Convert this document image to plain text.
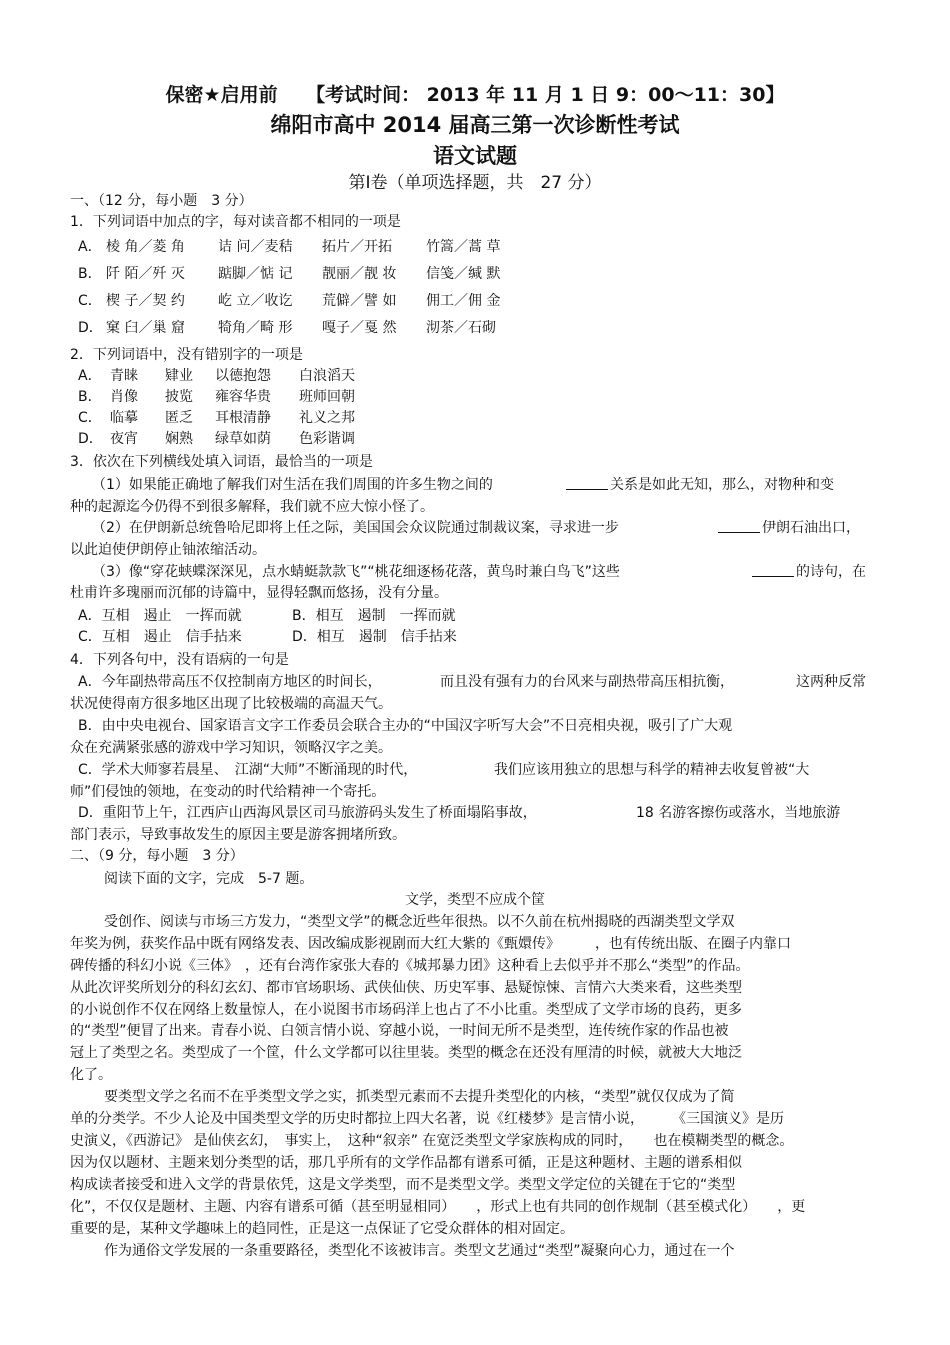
保密★启用前　　【考试时间： 2013 年 11 月 1 日 9：00～11：30】
绵阳市高中 2014 届高三第一次诊断性考试
语文试题
第Ⅰ卷（单项选择题，共　27 分）
一、（12 分，每小题　3 分）
1．下列词语中加点的字，每对读音都不相同的一项是
A． 棱 角／菱 角 诘 问／麦秸 拓片／开拓 竹篙／蒿 草
B． 阡 陌／歼 灭 踮脚／惦 记 靓丽／靓 妆 信笺／缄 默
C． 楔 子／契 约 屹 立／收讫 荒僻／譬 如 佣工／佣 金
D． 窠 臼／巢 窟 犄角／畸 形 嘎子／戛 然 沏茶／石砌
2．下列词语中，没有错别字的一项是
A． 青睐 肄业 以德抱怨 白浪滔天
B． 肖像 披览 雍容华贵 班师回朝
C． 临摹 匿乏 耳根清静 礼义之邦
D． 夜宵 娴熟 绿草如荫 色彩谐调
3．依次在下列横线处填入词语，最恰当的一项是
（1）如果能正确地了解我们对生活在我们周围的许多生物之间的	关系是如此无知，那么，对物种和变
种的起源迄今仍得不到很多解释，我们就不应大惊小怪了。
（2）在伊朗新总统鲁哈尼即将上任之际，美国国会众议院通过制裁议案，寻求进一步	伊朗石油出口，
以此迫使伊朗停止铀浓缩活动。
（3）像“穿花蛱蝶深深见，点水蜻蜓款款飞”“桃花细逐杨花落，黄鸟时兼白鸟飞”这些	的诗句，在
杜甫许多瑰丽而沉郁的诗篇中，显得轻飘而悠扬，没有分量。
A．互相　遏止　一挥而就	B．相互　遏制　一挥而就
C．互相　遏止　信手拈来	D．相互　遏制　信手拈来
4．下列各句中，没有语病的一句是
A．今年副热带高压不仅控制南方地区的时间长，	而且没有强有力的台风来与副热带高压相抗衡，	这两种反常
状况使得南方很多地区出现了比较极端的高温天气。
B．由中央电视台、国家语言文字工作委员会联合主办的“中国汉字听写大会”不日亮相央视，吸引了广大观
众在充满紧张感的游戏中学习知识，领略汉字之美。
C．学术大师寥若晨星、　江湖“大师”不断涌现的时代，	我们应该用独立的思想与科学的精神去收复曾被“大
师”们侵蚀的领地，在变动的时代给精神一个寄托。
D．重阳节上午，江西庐山西海风景区司马旅游码头发生了桥面塌陷事故，	18 名游客擦伤或落水，当地旅游
部门表示，导致事故发生的原因主要是游客拥堵所致。
二、（9 分，每小题　3 分）
阅读下面的文字，完成　5-7 题。
文学，类型不应成个筐
受创作、阅读与市场三方发力，“类型文学”的概念近些年很热。以不久前在杭州揭晓的西湖类型文学双
年奖为例，获奖作品中既有网络发表、因改编成影视剧而大红大紫的《甄嬛传》　　　，也有传统出版、在圈子内靠口
碑传播的科幻小说《三体》　，还有台湾作家张大春的《城邦暴力团》这种看上去似乎并不那么“类型”的作品。
从此次评奖所划分的科幻玄幻、都市官场职场、武侠仙侠、历史军事、悬疑惊悚、言情六大类来看，这些类型
的小说创作不仅在网络上数量惊人，在小说图书市场码洋上也占了不小比重。类型成了文学市场的良药，更多
的“类型”便冒了出来。青春小说、白领言情小说、穿越小说，一时间无所不是类型，连传统作家的作品也被
冠上了类型之名。类型成了一个筐，什么文学都可以往里装。类型的概念在还没有厘清的时候，就被大大地泛
化了。
要类型文学之名而不在乎类型文学之实，抓类型元素而不去提升类型化的内核，“类型”就仅仅成为了简
单的分类学。不少人论及中国类型文学的历史时都拉上四大名著，说《红楼梦》是言情小说，　　　《三国演义》是历
史演义，《西游记》 是仙侠玄幻，　事实上，　这种“叙亲” 在宽泛类型文学家族构成的同时，　　也在模糊类型的概念。
因为仅以题材、主题来划分类型的话，那几乎所有的文学作品都有谱系可循，正是这种题材、主题的谱系相似
构成读者接受和进入文学的背景依凭，这是文学类型，而不是类型文学。类型文学定位的关键在于它的“类型
化”，不仅仅是题材、主题、内容有谱系可循（甚至明显相同）　　，形式上也有共同的创作规制（甚至模式化）　　，更
重要的是，某种文学趣味上的趋同性，正是这一点保证了它受众群体的相对固定。
作为通俗文学发展的一条重要路径，类型化不该被讳言。类型文艺通过“类型”凝聚向心力，通过在一个
